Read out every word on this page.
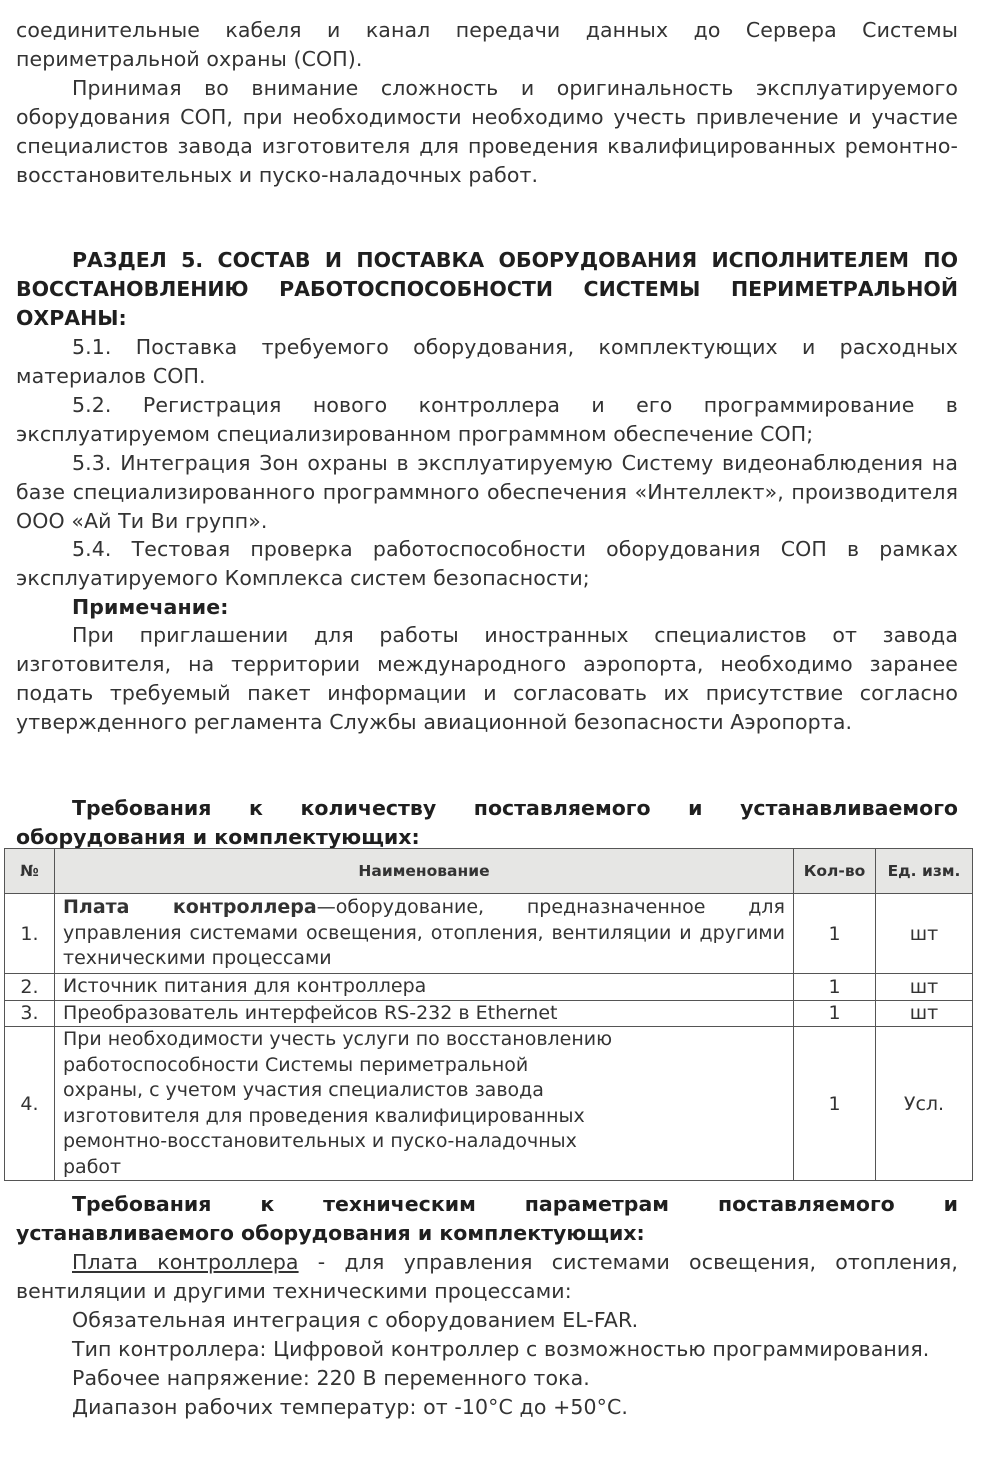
соединительные кабеля и канал передачи данных до Сервера Системы периметральной охраны (СОП).

Принимая во внимание сложность и оригинальность эксплуатируемого оборудования СОП, при необходимости необходимо учесть привлечение и участие специалистов завода изготовителя для проведения квалифицированных ремонтно-восстановительных и пуско-наладочных работ.

РАЗДЕЛ 5. СОСТАВ И ПОСТАВКА ОБОРУДОВАНИЯ ИСПОЛНИТЕЛЕМ ПО ВОССТАНОВЛЕНИЮ РАБОТОСПОСОБНОСТИ СИСТЕМЫ ПЕРИМЕТРАЛЬНОЙ ОХРАНЫ:

5.1. Поставка требуемого оборудования, комплектующих и расходных материалов СОП.

5.2. Регистрация нового контроллера и его программирование в эксплуатируемом специализированном программном обеспечение СОП;

5.3. Интеграция Зон охраны в эксплуатируемую Систему видеонаблюдения на базе специализированного программного обеспечения «Интеллект», производителя ООО «Ай Ти Ви групп».

5.4. Тестовая проверка работоспособности оборудования СОП в рамках эксплуатируемого Комплекса систем безопасности;

Примечание:

При приглашении для работы иностранных специалистов от завода изготовителя, на территории международного аэропорта, необходимо заранее подать требуемый пакет информации и согласовать их присутствие согласно утвержденного регламента Службы авиационной безопасности Аэропорта.

Требования к количеству поставляемого и устанавливаемого оборудования и комплектующих:

Требования к техническим параметрам поставляемого и устанавливаемого оборудования и комплектующих:

Плата контроллера - для управления системами освещения, отопления, вентиляции и другими техническими процессами:

Обязательная интеграция с оборудованием EL-FAR.

Тип контроллера: Цифровой контроллер с возможностью программирования.

Рабочее напряжение: 220 В переменного тока.

Диапазон рабочих температур: от -10°С до +50°С.

№	Наименование	Кол-во	Ед. изм.
1.	Плата контроллера—оборудование, предназначенное для управления системами освещения, отопления, вентиляции и другими техническими процессами	1	шт
2.	Источник питания для контроллера	1	шт
3.	Преобразователь интерфейсов RS-232 в Ethernet	1	шт
4.	При необходимости учесть услуги по восстановлению работоспособности Системы периметральной охраны, с учетом участия специалистов завода изготовителя для проведения квалифицированных ремонтно-восстановительных и пуско-наладочных работ	1	Усл.
